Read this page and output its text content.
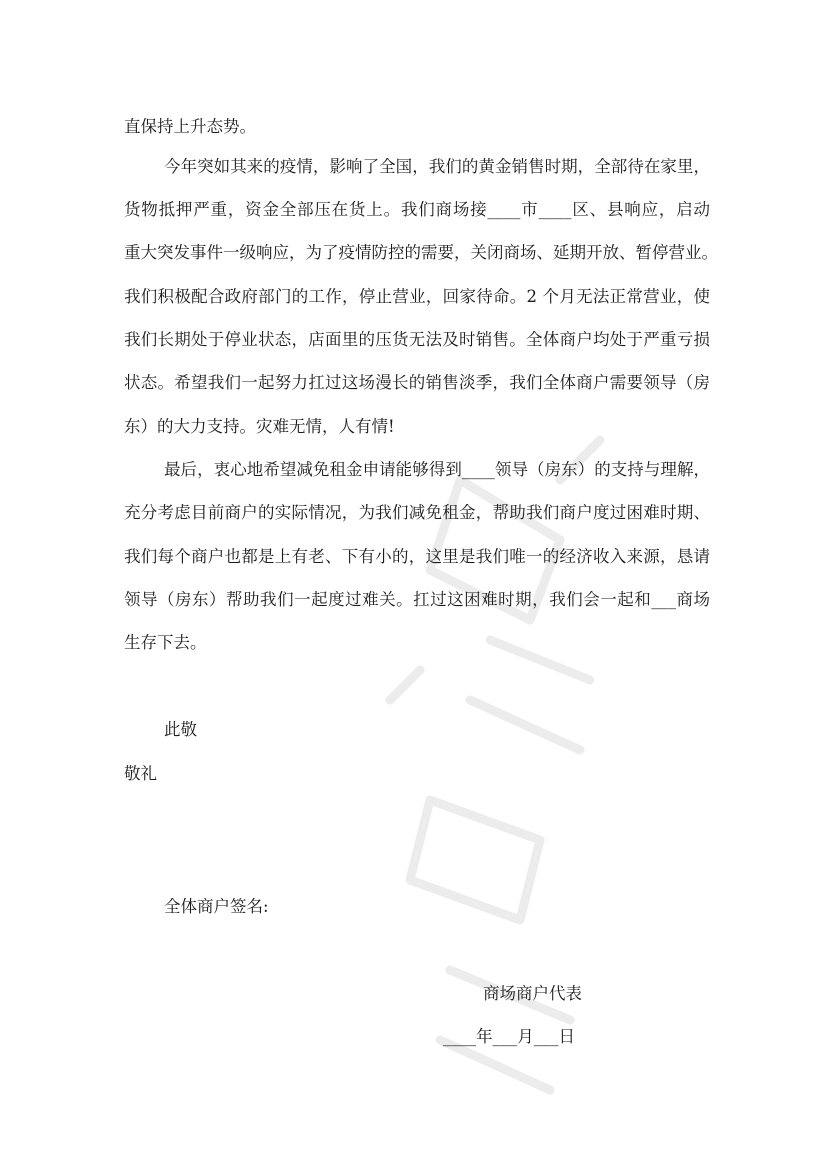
直保持上升态势。
今年突如其来的疫情，影响了全国，我们的黄金销售时期，全部待在家里，
货物抵押严重，资金全部压在货上。我们商场接____市____区、县响应，启动
重大突发事件一级响应，为了疫情防控的需要，关闭商场、延期开放、暂停营业。
我们积极配合政府部门的工作，停止营业，回家待命。2 个月无法正常营业，使
我们长期处于停业状态，店面里的压货无法及时销售。全体商户均处于严重亏损
状态。希望我们一起努力扛过这场漫长的销售淡季，我们全体商户需要领导（房
东）的大力支持。灾难无情，人有情!
最后，衷心地希望减免租金申请能够得到____领导（房东）的支持与理解，
充分考虑目前商户的实际情况，为我们减免租金，帮助我们商户度过困难时期、
我们每个商户也都是上有老、下有小的，这里是我们唯一的经济收入来源，恳请
领导（房东）帮助我们一起度过难关。扛过这困难时期，我们会一起和___商场
生存下去。
此敬
敬礼
全体商户签名:
商场商户代表
____年___月___日
